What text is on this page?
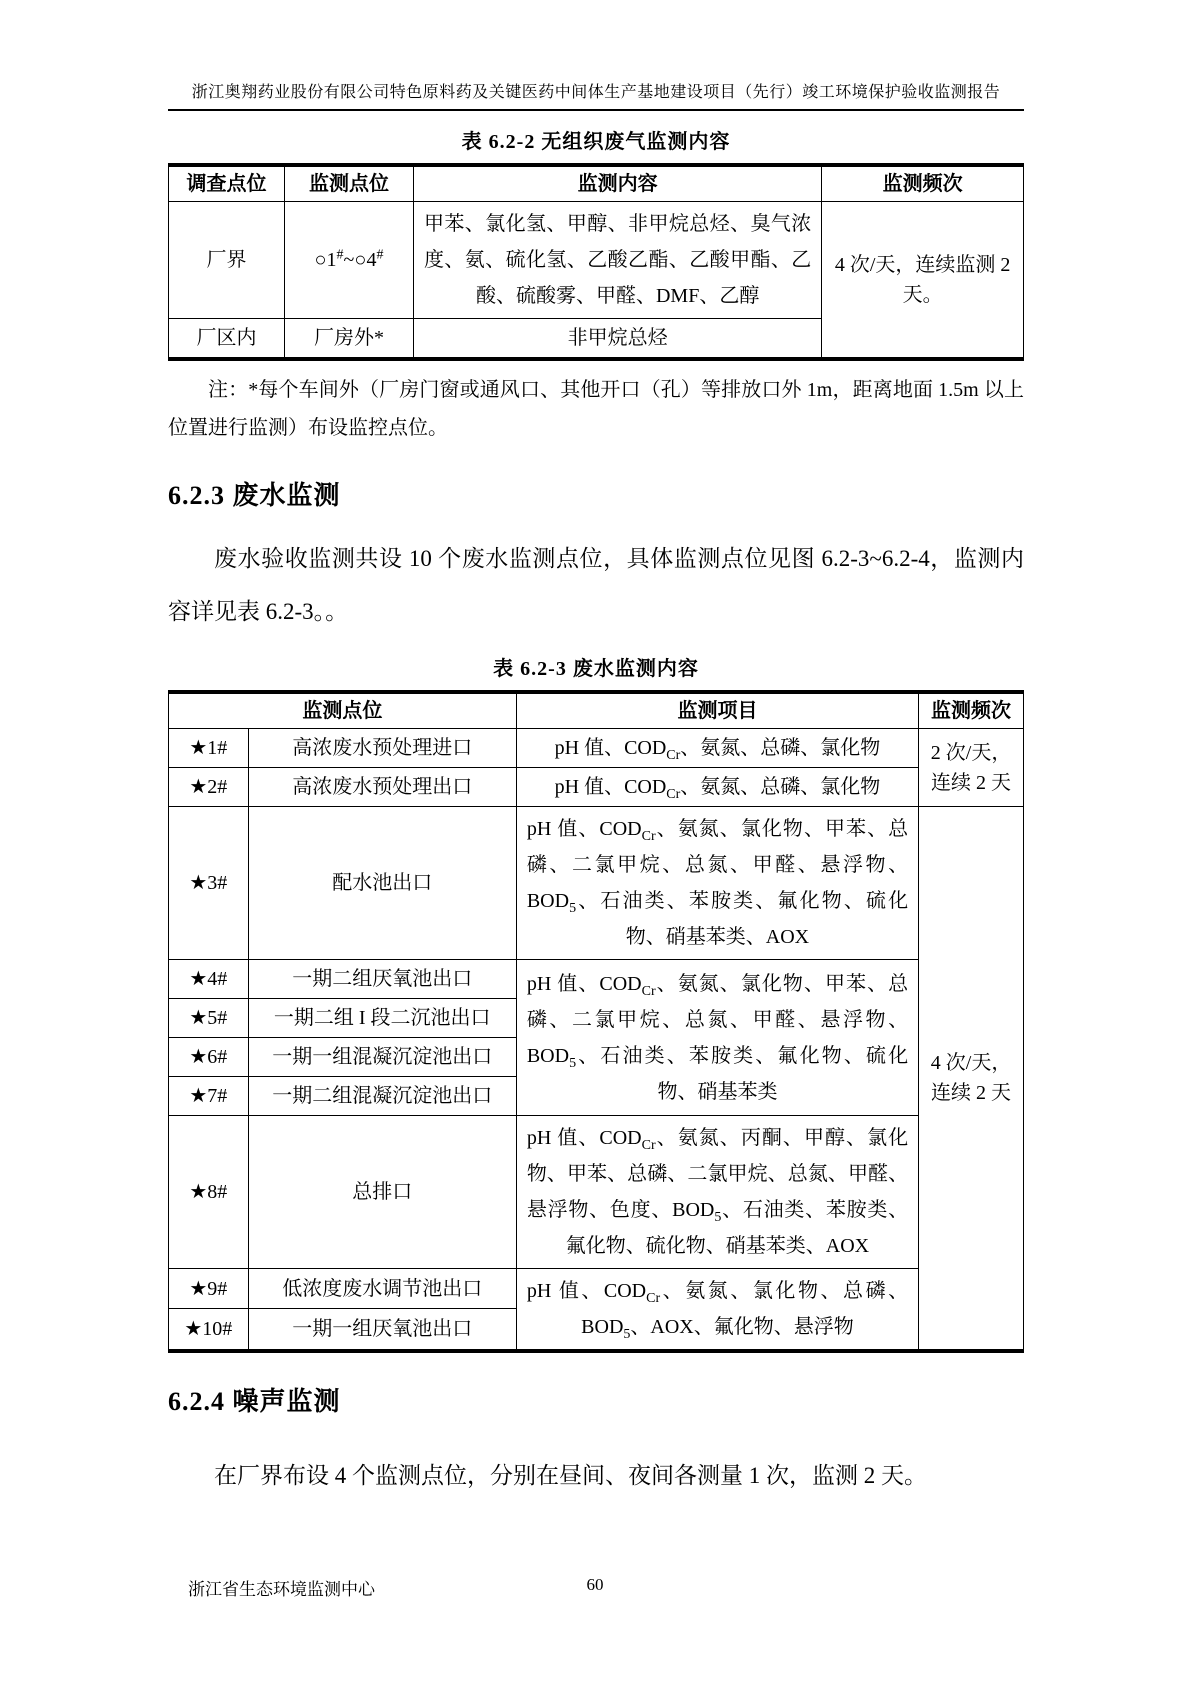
浙江奥翔药业股份有限公司特色原料药及关键医药中间体生产基地建设项目（先行）竣工环境保护验收监测报告
表 6.2-2 无组织废气监测内容
调查点位	监测点位	监测内容	监测频次
厂界	○1#~○4#	甲苯、氯化氢、甲醇、非甲烷总烃、臭气浓度、氨、硫化氢、乙酸乙酯、乙酸甲酯、乙酸、硫酸雾、甲醛、DMF、乙醇	4 次/天，连续监测 2 天。
厂区内	厂房外*	非甲烷总烃	
注：*每个车间外（厂房门窗或通风口、其他开口（孔）等排放口外 1m，距离地面 1.5m 以上位置进行监测）布设监控点位。
6.2.3 废水监测
废水验收监测共设 10 个废水监测点位，具体监测点位见图 6.2-3~6.2-4，监测内容详见表 6.2-3。。
表 6.2-3 废水监测内容
监测点位		监测项目	监测频次
★1#	高浓废水预处理进口	pH 值、$COD_{Cr}$、氨氮、总磷、氯化物	2 次/天，连续 2 天
★2#	高浓废水预处理出口	pH 值、$COD_{Cr}$、氨氮、总磷、氯化物	
★3#	配水池出口	pH 值、$COD_{Cr}$、氨氮、氯化物、甲苯、总磷、二氯甲烷、总氮、甲醛、悬浮物、$BOD_5$、石油类、苯胺类、氟化物、硫化物、硝基苯类、AOX	4 次/天，连续 2 天
★4#	一期二组厌氧池出口	pH 值、$COD_{Cr}$、氨氮、氯化物、甲苯、总磷、二氯甲烷、总氮、甲醛、悬浮物、$BOD_5$、石油类、苯胺类、氟化物、硫化物、硝基苯类	
★5#	一期二组 I 段二沉池出口		
★6#	一期一组混凝沉淀池出口		
★7#	一期二组混凝沉淀池出口		
★8#	总排口	pH 值、$COD_{Cr}$、氨氮、丙酮、甲醇、氯化物、甲苯、总磷、二氯甲烷、总氮、甲醛、悬浮物、色度、$BOD_5$、石油类、苯胺类、氟化物、硫化物、硝基苯类、AOX	
★9#	低浓度废水调节池出口	pH 值、$COD_{Cr}$、氨氮、氯化物、总磷、$BOD_5$、AOX、氟化物、悬浮物	
★10#	一期一组厌氧池出口		
6.2.4 噪声监测
在厂界布设 4 个监测点位，分别在昼间、夜间各测量 1 次，监测 2 天。
浙江省生态环境监测中心	60
